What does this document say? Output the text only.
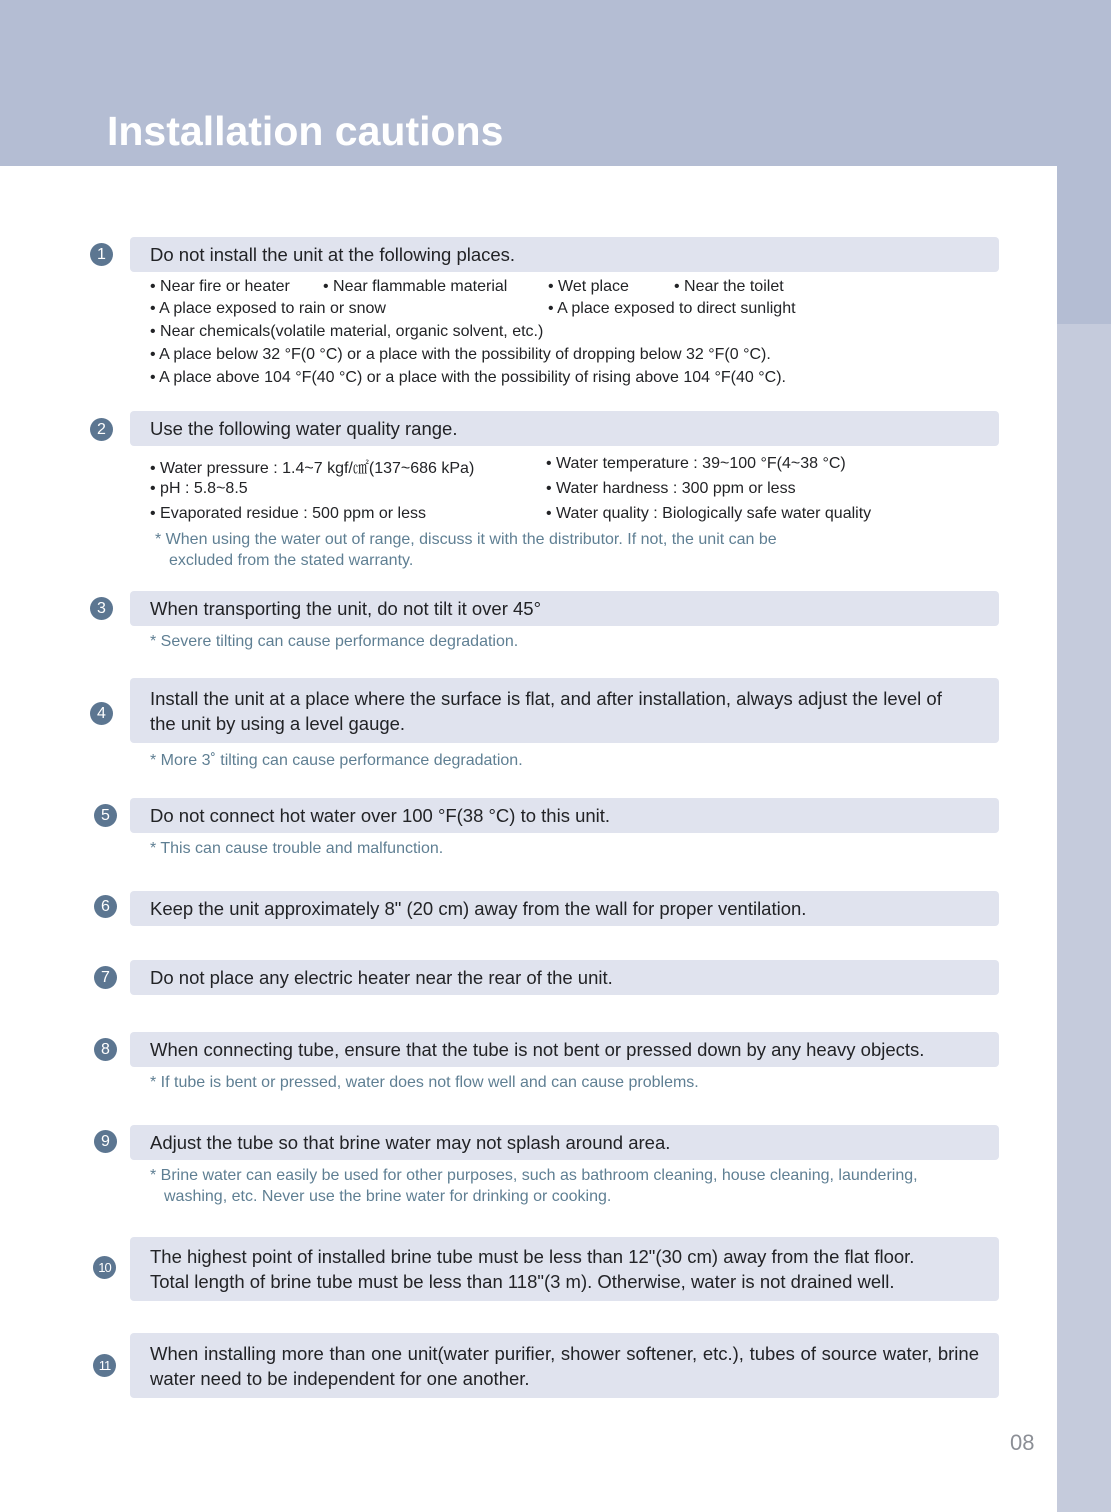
Installation cautions
1	Do not install the unit at the following places.
• Near fire or heater • Near flammable material	• Wet place	• Near the toilet
• A place exposed to rain or snow	• A place exposed to direct sunlight
• Near chemicals(volatile material, organic solvent, etc.)
• A place below 32 °F(0 °C) or a place with the possibility of dropping below 32 °F(0 °C).
• A place above 104 °F(40 °C) or a place with the possibility of rising above 104 °F(40 °C).
2	Use the following water quality range.
• Water pressure : 1.4~7 kgf/㎠(137~686 kPa)	• Water temperature : 39~100 °F(4~38 °C)
• pH : 5.8~8.5	• Water hardness : 300 ppm or less
• Evaporated residue : 500 ppm or less	• Water quality : Biologically safe water quality
* When using the water out of range, discuss it with the distributor. If not, the unit can be
excluded from the stated warranty.
3	When transporting the unit, do not tilt it over 45°
* Severe tilting can cause performance degradation.
4
Install the unit at a place where the surface is flat, and after installation, always adjust the level of
the unit by using a level gauge.
* More 3˚ tilting can cause performance degradation.
5	Do not connect hot water over 100 °F(38 °C) to this unit.
* This can cause trouble and malfunction.
6	Keep the unit approximately 8" (20 cm) away from the wall for proper ventilation.
7	Do not place any electric heater near the rear of the unit.
8	When connecting tube, ensure that the tube is not bent or pressed down by any heavy objects.
* If tube is bent or pressed, water does not flow well and can cause problems.
9	Adjust the tube so that brine water may not splash around area.
* Brine water can easily be used for other purposes, such as bathroom cleaning, house cleaning, laundering,
washing, etc. Never use the brine water for drinking or cooking.
10
The highest point of installed brine tube must be less than 12"(30 cm) away from the flat floor.
Total length of brine tube must be less than 118"(3 m). Otherwise, water is not drained well.
11
When installing more than one unit(water purifier, shower softener, etc.), tubes of source water, brine water need to be independent for one another.
08
